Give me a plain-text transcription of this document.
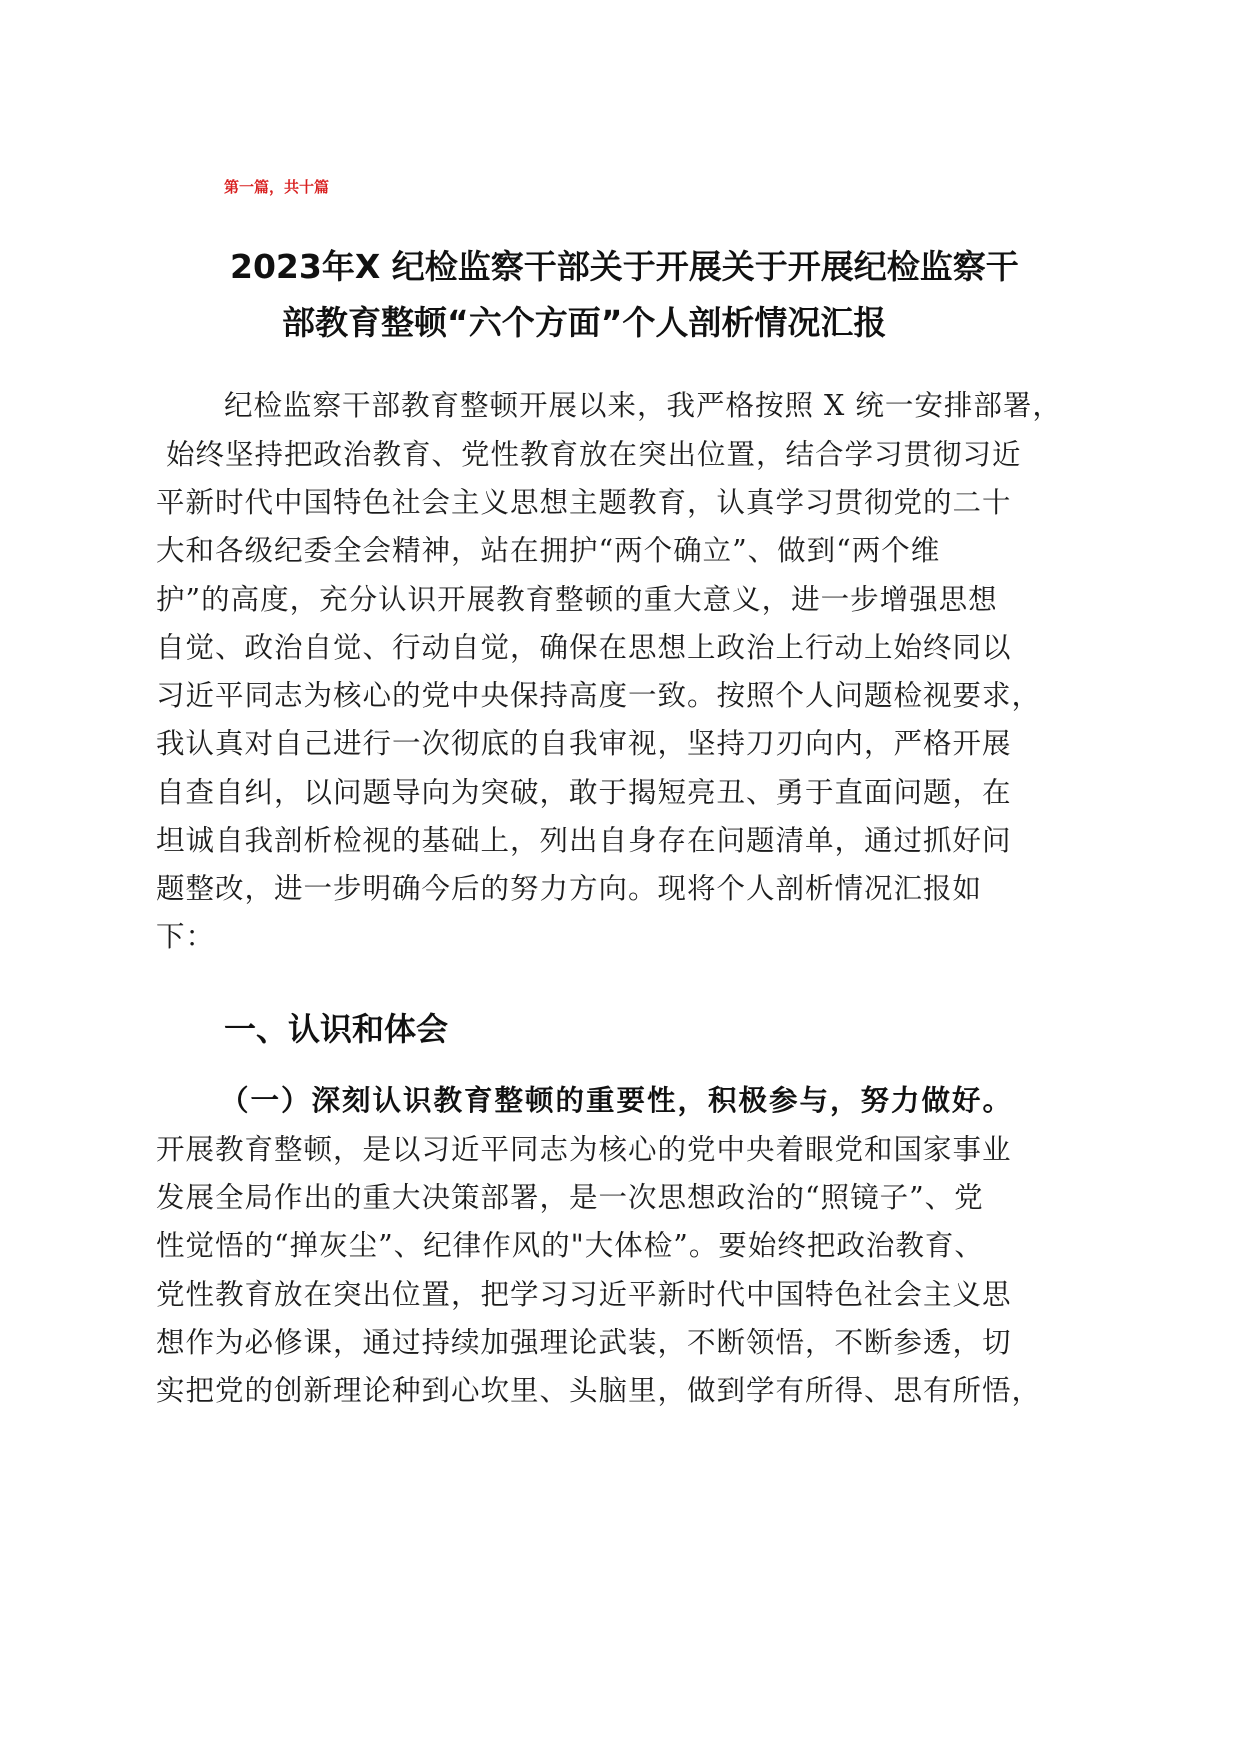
第一篇，共十篇
2023年X 纪检监察干部关于开展关于开展纪检监察干
部教育整顿“六个方面”个人剖析情况汇报
纪检监察干部教育整顿开展以来，我严格按照 X 统一安排部署，
始终坚持把政治教育、党性教育放在突出位置，结合学习贯彻习近
平新时代中国特色社会主义思想主题教育，认真学习贯彻党的二十
大和各级纪委全会精神，站在拥护“两个确立”、做到“两个维
护”的高度，充分认识开展教育整顿的重大意义，进一步增强思想
自觉、政治自觉、行动自觉，确保在思想上政治上行动上始终同以
习近平同志为核心的党中央保持高度一致。按照个人问题检视要求，
我认真对自己进行一次彻底的自我审视，坚持刀刃向内，严格开展
自查自纠，以问题导向为突破，敢于揭短亮丑、勇于直面问题，在
坦诚自我剖析检视的基础上，列出自身存在问题清单，通过抓好问
题整改，进一步明确今后的努力方向。现将个人剖析情况汇报如
下：
一、认识和体会
（一）深刻认识教育整顿的重要性，积极参与，努力做好。
开展教育整顿，是以习近平同志为核心的党中央着眼党和国家事业
发展全局作出的重大决策部署，是一次思想政治的“照镜子”、党
性觉悟的“掸灰尘”、纪律作风的"大体检”。要始终把政治教育、
党性教育放在突出位置，把学习习近平新时代中国特色社会主义思
想作为必修课，通过持续加强理论武装，不断领悟，不断参透，切
实把党的创新理论种到心坎里、头脑里，做到学有所得、思有所悟，
